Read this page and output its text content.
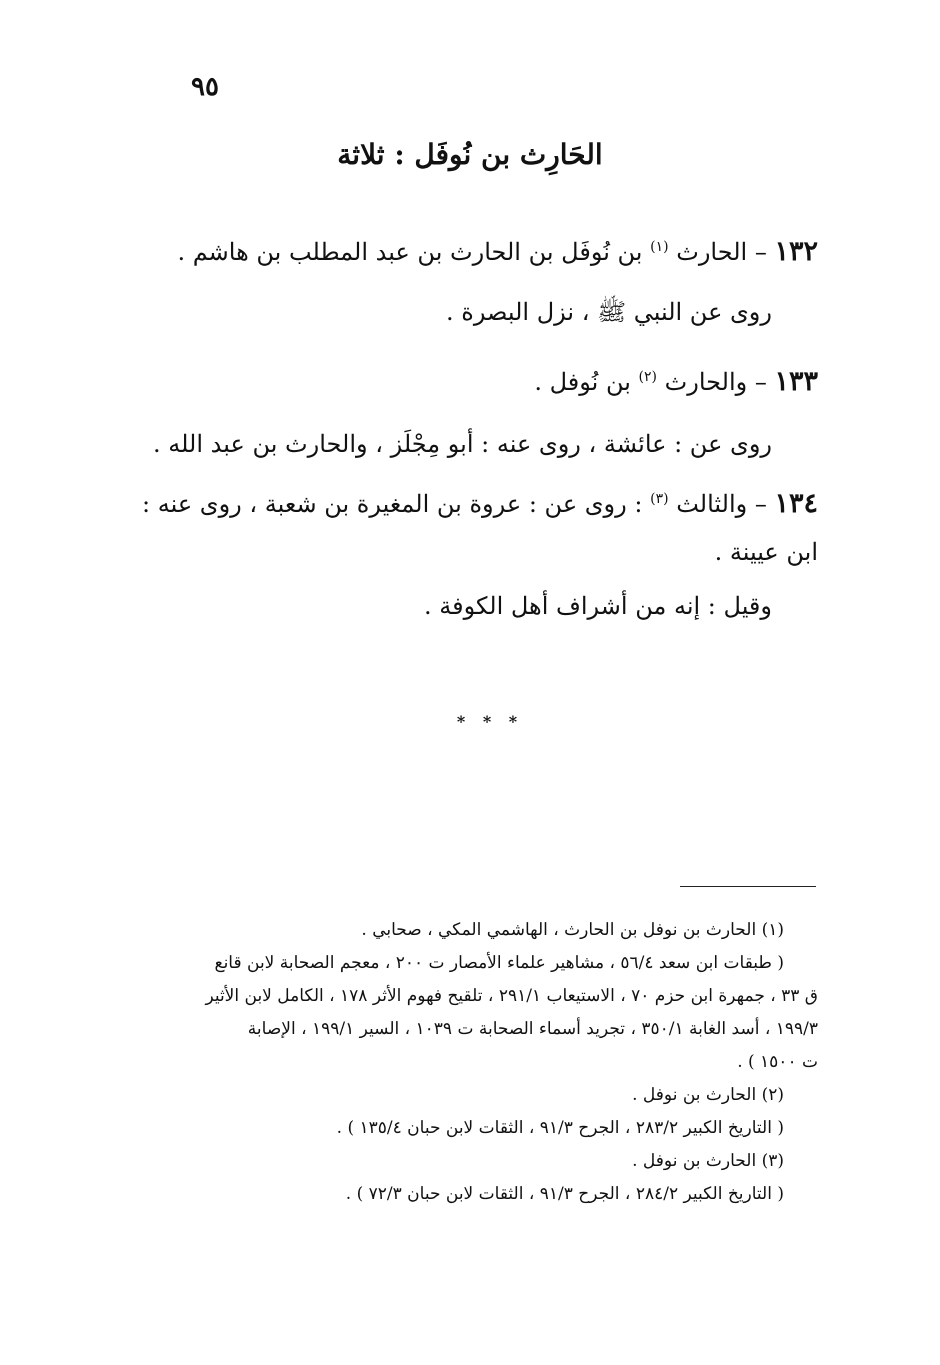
٩٥
الحَارِث بن نُوفَل : ثلاثة
١٣٢ – الحارث $^{(١)}$ بن نُوفَل بن الحارث بن عبد المطلب بن هاشم .
روى عن النبي ﷺ ، نزل البصرة .
١٣٣ – والحارث $^{(٢)}$ بن نُوفل .
روى عن : عائشة ، روى عنه : أبو مِجْلَز ، والحارث بن عبد الله .
١٣٤ – والثالث $^{(٣)}$ : روى عن : عروة بن المغيرة بن شعبة ، روى عنه : ابن عيينة .
وقيل : إنه من أشراف أهل الكوفة .
* * *
(١) الحارث بن نوفل بن الحارث ، الهاشمي المكي ، صحابي .
( طبقات ابن سعد ٥٦/٤ ، مشاهير علماء الأمصار ت ٢٠٠ ، معجم الصحابة لابن قانع
ق ٣٣ ، جمهرة ابن حزم ٧٠ ، الاستيعاب ٢٩١/١ ، تلقيح فهوم الأثر ١٧٨ ، الكامل لابن الأثير
١٩٩/٣ ، أسد الغابة ٣٥٠/١ ، تجريد أسماء الصحابة ت ١٠٣٩ ، السير ١٩٩/١ ، الإصابة
ت ١٥٠٠ ) .
(٢) الحارث بن نوفل .
( التاريخ الكبير ٢٨٣/٢ ، الجرح ٩١/٣ ، الثقات لابن حبان ١٣٥/٤ ) .
(٣) الحارث بن نوفل .
( التاريخ الكبير ٢٨٤/٢ ، الجرح ٩١/٣ ، الثقات لابن حبان ٧٢/٣ ) .
